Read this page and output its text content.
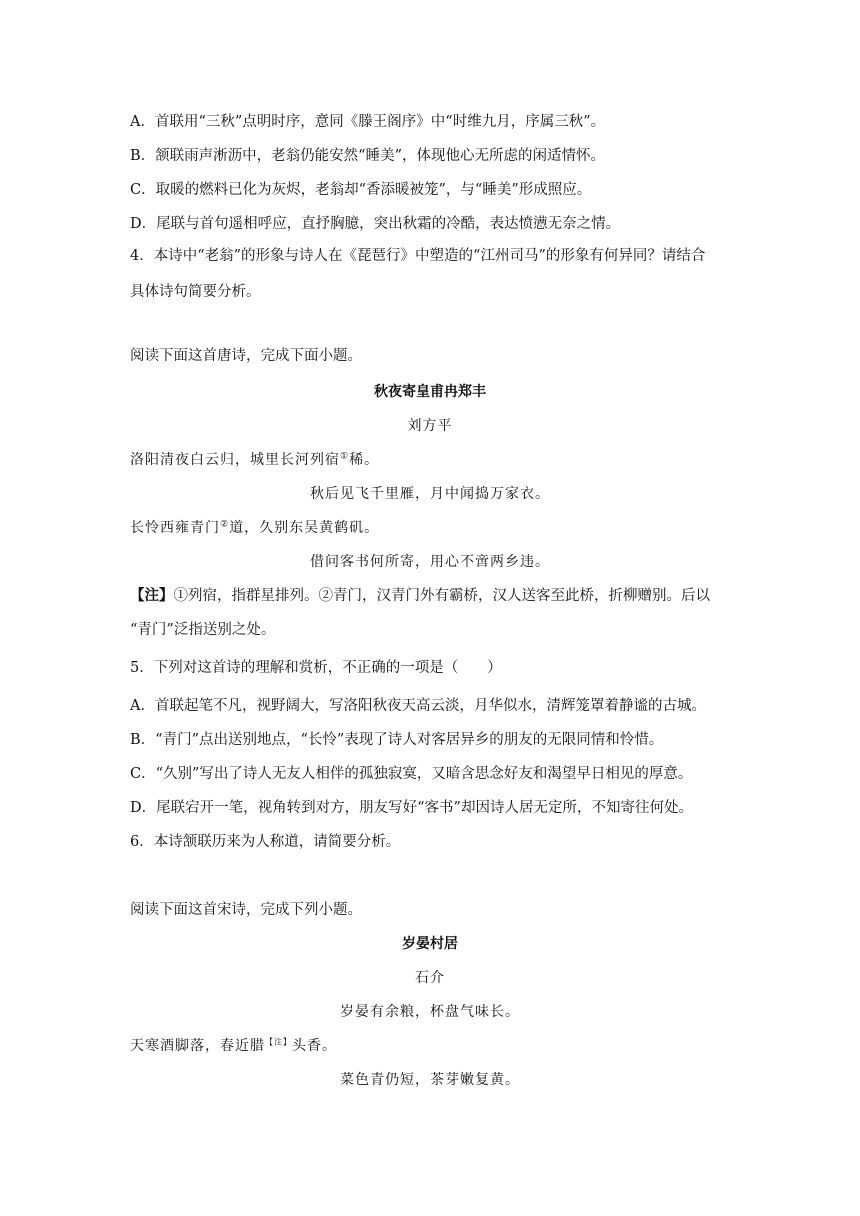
A．首联用“三秋”点明时序，意同《滕王阁序》中“时维九月，序属三秋”。
B．颔联雨声淅沥中，老翁仍能安然“睡美”，体现他心无所虑的闲适情怀。
C．取暖的燃料已化为灰烬，老翁却“香添暖被笼”，与“睡美”形成照应。
D．尾联与首句遥相呼应，直抒胸臆，突出秋霜的冷酷，表达愤懑无奈之情。
4．本诗中“老翁”的形象与诗人在《琵琶行》中塑造的“江州司马”的形象有何异同？请结合
具体诗句简要分析。
阅读下面这首唐诗，完成下面小题。
秋夜寄皇甫冉郑丰
刘方平
洛阳清夜白云归，城里长河列宿①稀。
秋后见飞千里雁，月中闻捣万家衣。
长怜西雍青门②道，久别东吴黄鹤矶。
借问客书何所寄，用心不啻两乡违。
【注】①列宿，指群星排列。②青门，汉青门外有霸桥，汉人送客至此桥，折柳赠别。后以
“青门”泛指送别之处。
5．下列对这首诗的理解和赏析，不正确的一项是（　　）
A．首联起笔不凡，视野阔大，写洛阳秋夜天高云淡，月华似水，清辉笼罩着静谧的古城。
B．“青门”点出送别地点，“长怜”表现了诗人对客居异乡的朋友的无限同情和怜惜。
C．“久别”写出了诗人无友人相伴的孤独寂寞，又暗含思念好友和渴望早日相见的厚意。
D．尾联宕开一笔，视角转到对方，朋友写好“客书”却因诗人居无定所，不知寄往何处。
6．本诗颔联历来为人称道，请简要分析。
阅读下面这首宋诗，完成下列小题。
岁晏村居
石介
岁晏有余粮，杯盘气味长。
天寒酒脚落，春近腊$^{【注】}$头香。
菜色青仍短，茶芽嫩复黄。
